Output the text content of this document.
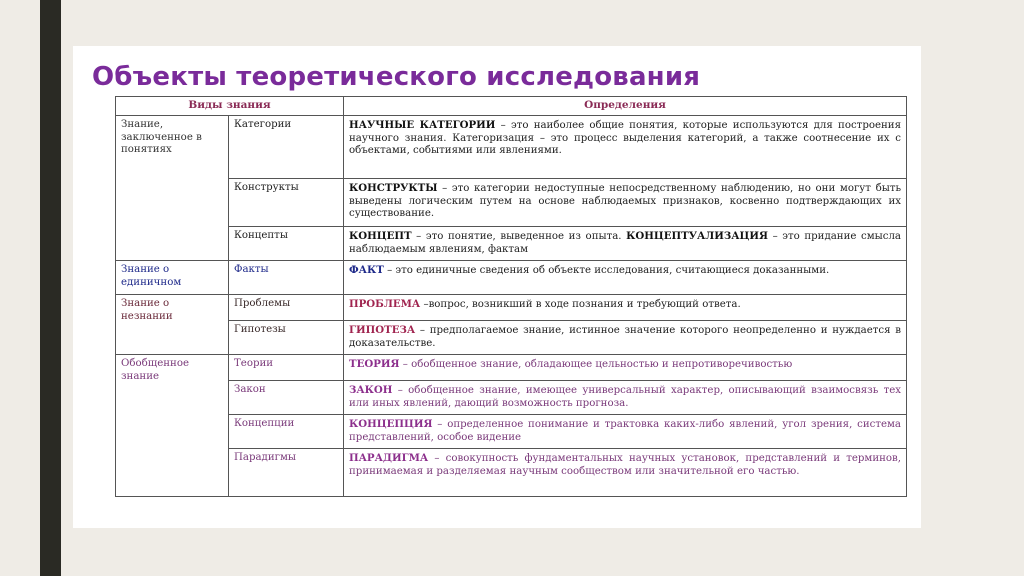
Объекты теоретического исследования
Виды знания		Определения
Знание, заключенное в понятиях	Категории	НАУЧНЫЕ КАТЕГОРИИ – это наиболее общие понятия, которые используются для построения научного знания. Категоризация – это процесс выделения категорий, а также соотнесение их с объектами, событиями или явлениями.
	Конструкты	КОНСТРУКТЫ – это категории недоступные непосредственному наблюдению, но они могут быть выведены логическим путем на основе наблюдаемых признаков, косвенно подтверждающих их существование.
	Концепты	КОНЦЕПТ – это понятие, выведенное из опыта. КОНЦЕПТУАЛИЗАЦИЯ – это придание смысла наблюдаемым явлениям, фактам
Знание о единичном	Факты	ФАКТ – это единичные сведения об объекте исследования, считающиеся доказанными.
Знание о незнании	Проблемы	ПРОБЛЕМА –вопрос, возникший в ходе познания и требующий ответа.
	Гипотезы	ГИПОТЕЗА – предполагаемое знание, истинное значение которого неопределенно и нуждается в доказательстве.
Обобщенное знание	Теории	ТЕОРИЯ – обобщенное знание, обладающее цельностью и непротиворечивостью
	Закон	ЗАКОН – обобщенное знание, имеющее универсальный характер, описывающий взаимосвязь тех или иных явлений, дающий возможность прогноза.
	Концепции	КОНЦЕПЦИЯ – определенное понимание и трактовка каких-либо явлений, угол зрения, система представлений, особое видение
	Парадигмы	ПАРАДИГМА – совокупность фундаментальных научных установок, представлений и терминов, принимаемая и разделяемая научным сообществом или значительной его частью.
